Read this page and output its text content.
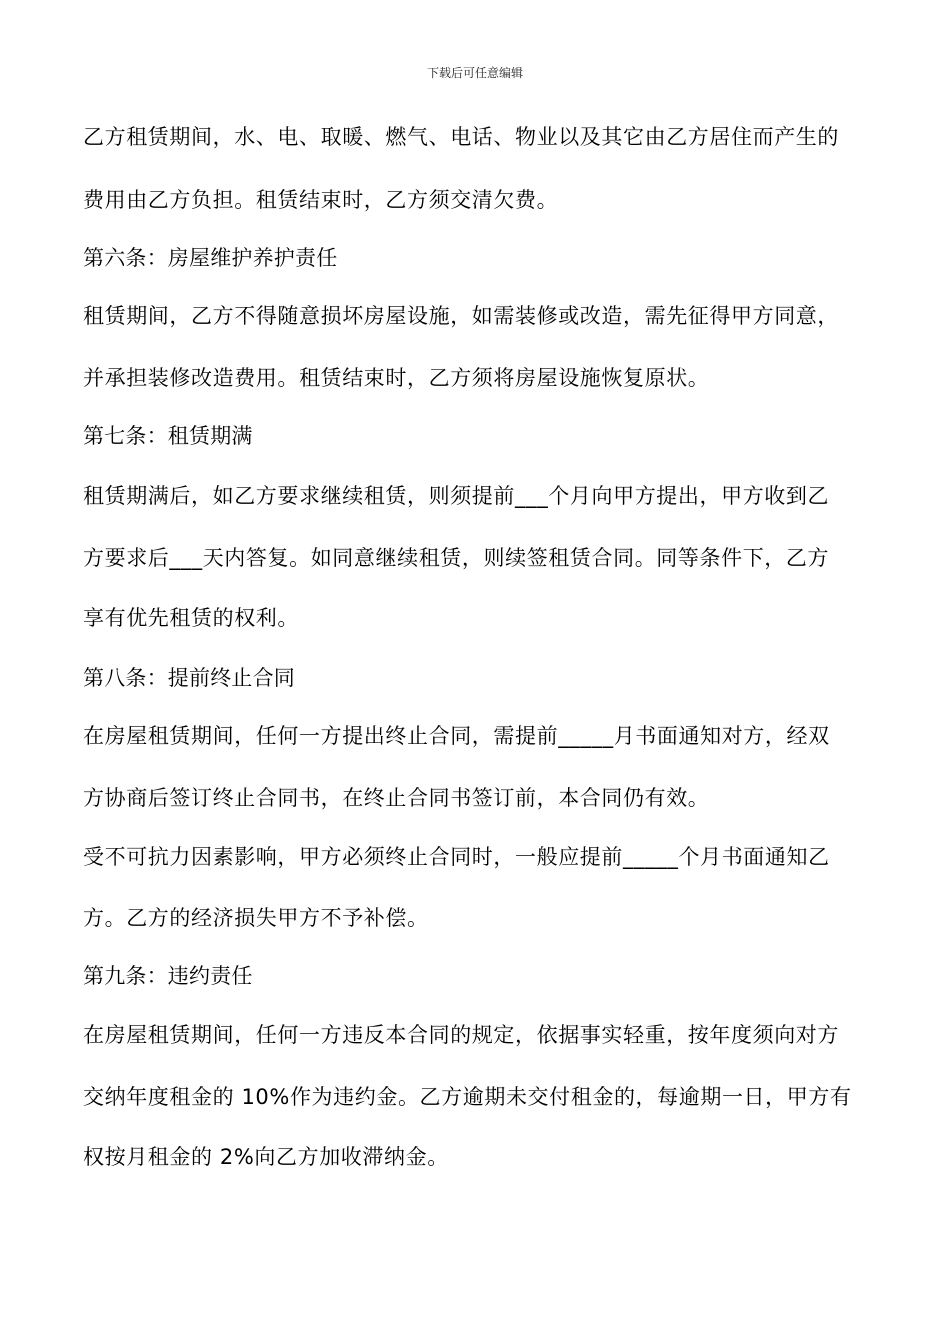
下载后可任意编辑
乙方租赁期间，水、电、取暖、燃气、电话、物业以及其它由乙方居住而产生的
费用由乙方负担。租赁结束时，乙方须交清欠费。
第六条：房屋维护养护责任
租赁期间，乙方不得随意损坏房屋设施，如需装修或改造，需先征得甲方同意，
并承担装修改造费用。租赁结束时，乙方须将房屋设施恢复原状。
第七条：租赁期满
租赁期满后，如乙方要求继续租赁，则须提前___个月向甲方提出，甲方收到乙
方要求后___天内答复。如同意继续租赁，则续签租赁合同。同等条件下，乙方
享有优先租赁的权利。
第八条：提前终止合同
在房屋租赁期间，任何一方提出终止合同，需提前_____月书面通知对方，经双
方协商后签订终止合同书，在终止合同书签订前，本合同仍有效。
受不可抗力因素影响，甲方必须终止合同时，一般应提前_____个月书面通知乙
方。乙方的经济损失甲方不予补偿。
第九条：违约责任
在房屋租赁期间，任何一方违反本合同的规定，依据事实轻重，按年度须向对方
交纳年度租金的 10%作为违约金。乙方逾期未交付租金的，每逾期一日，甲方有
权按月租金的 2%向乙方加收滞纳金。
